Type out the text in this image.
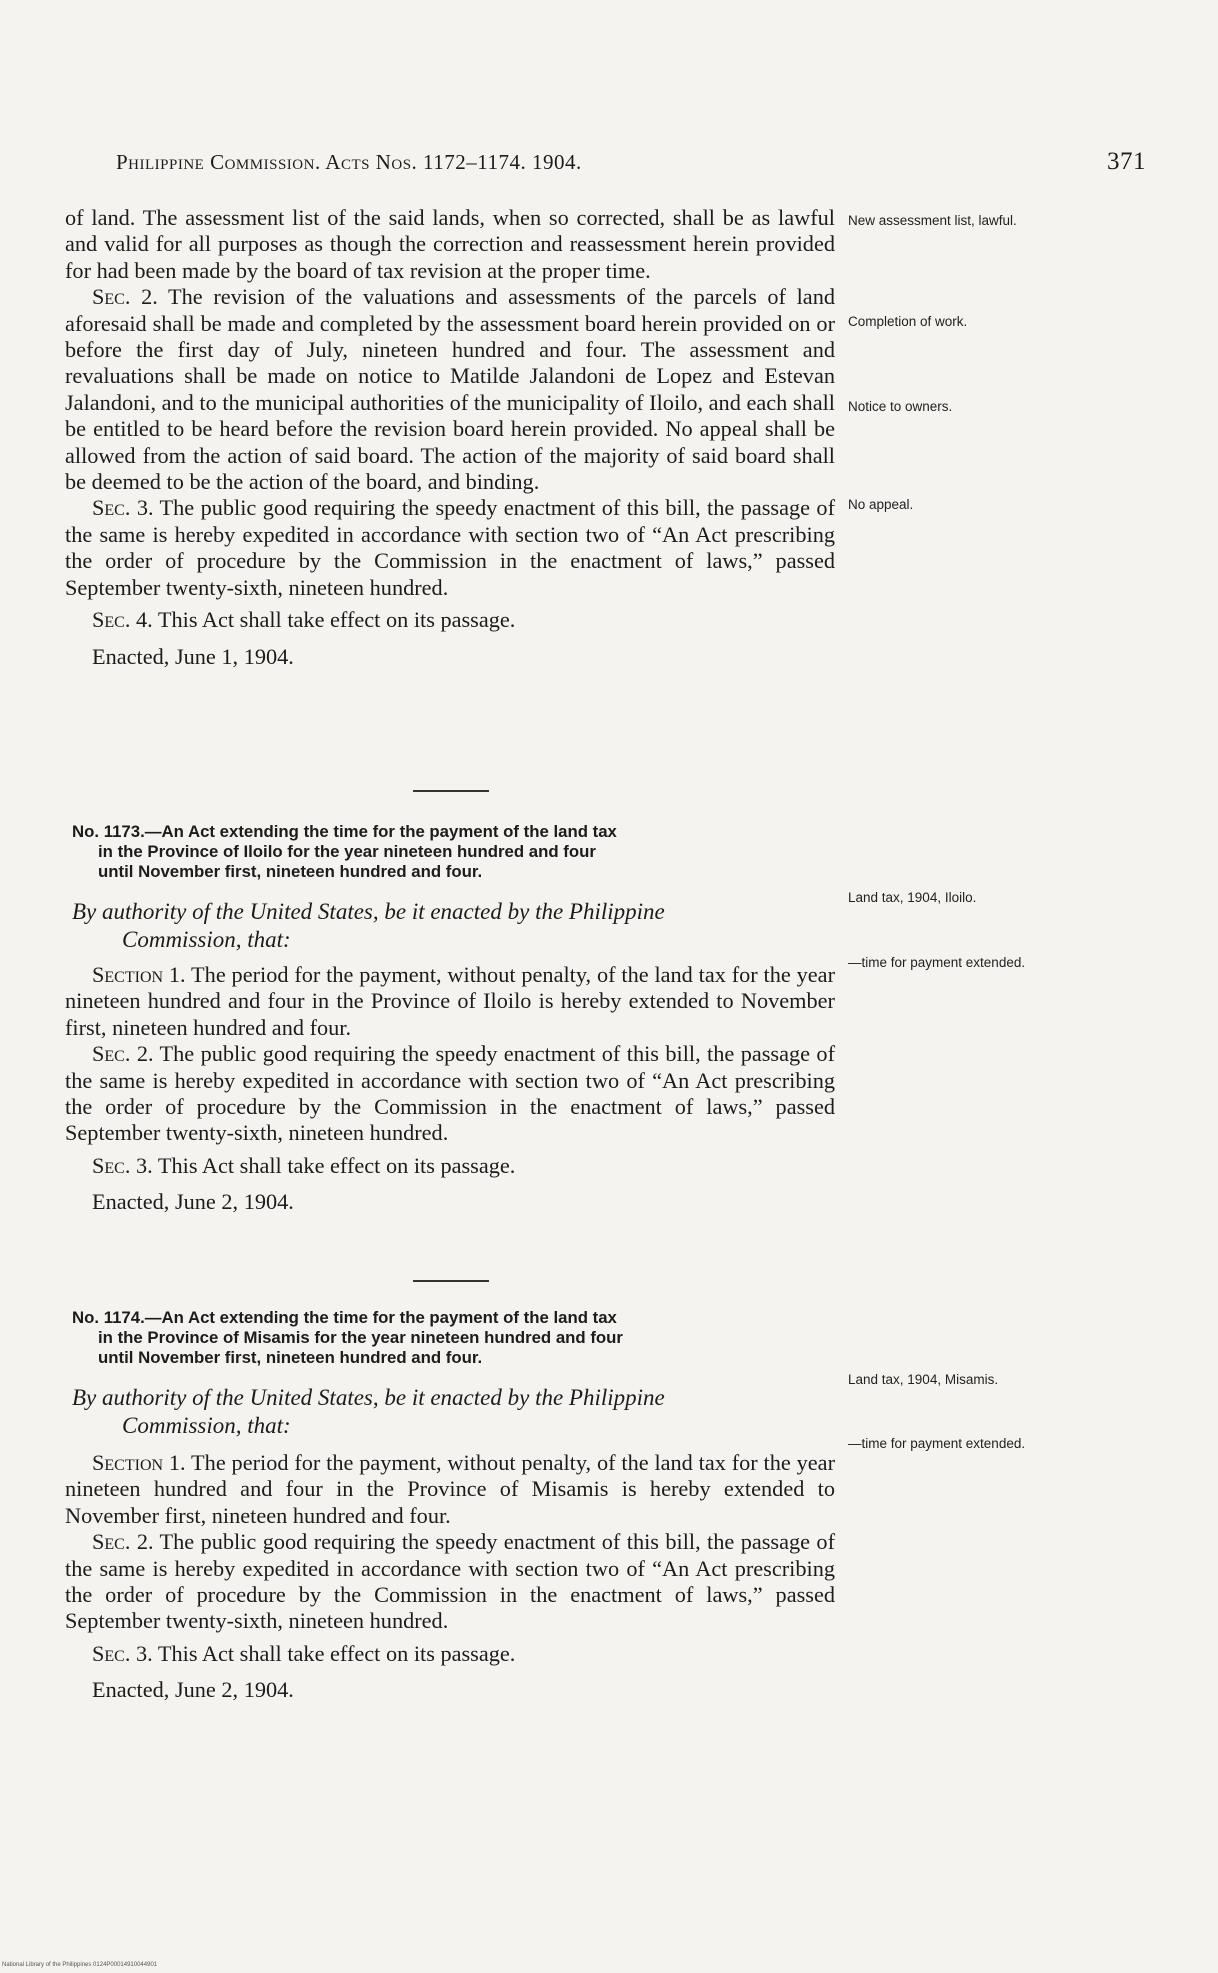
Philippine Commission. Acts Nos. 1172–1174. 1904.	371

of land. The assessment list of the said lands, when so corrected, shall be as lawful and valid for all purposes as though the correction and reassessment herein provided for had been made by the board of tax revision at the proper time.

Sec. 2. The revision of the valuations and assessments of the parcels of land aforesaid shall be made and completed by the assessment board herein provided on or before the first day of July, nineteen hundred and four. The assessment and revaluations shall be made on notice to Matilde Jalandoni de Lopez and Estevan Jalandoni, and to the municipal authorities of the municipality of Iloilo, and each shall be entitled to be heard before the revision board herein provided. No appeal shall be allowed from the action of said board. The action of the majority of said board shall be deemed to be the action of the board, and binding.

Sec. 3. The public good requiring the speedy enactment of this bill, the passage of the same is hereby expedited in accordance with section two of “An Act prescribing the order of procedure by the Commission in the enactment of laws,” passed September twenty-sixth, nineteen hundred.

Sec. 4. This Act shall take effect on its passage.

Enacted, June 1, 1904.

New assessment list, lawful.
Completion of work.
Notice to owners.
No appeal.
No. 1173.—An Act extending the time for the payment of the land tax
in the Province of Iloilo for the year nineteen hundred and four
until November first, nineteen hundred and four.
By authority of the United States, be it enacted by the Philippine
Commission, that:

Section 1. The period for the payment, without penalty, of the land tax for the year nineteen hundred and four in the Province of Iloilo is hereby extended to November first, nineteen hundred and four.

Sec. 2. The public good requiring the speedy enactment of this bill, the passage of the same is hereby expedited in accordance with section two of “An Act prescribing the order of procedure by the Commission in the enactment of laws,” passed September twenty-sixth, nineteen hundred.

Sec. 3. This Act shall take effect on its passage.

Enacted, June 2, 1904.

Land tax, 1904, Iloilo.
—time for payment extended.
No. 1174.—An Act extending the time for the payment of the land tax
in the Province of Misamis for the year nineteen hundred and four
until November first, nineteen hundred and four.
By authority of the United States, be it enacted by the Philippine
Commission, that:

Section 1. The period for the payment, without penalty, of the land tax for the year nineteen hundred and four in the Province of Misamis is hereby extended to November first, nineteen hundred and four.

Sec. 2. The public good requiring the speedy enactment of this bill, the passage of the same is hereby expedited in accordance with section two of “An Act prescribing the order of procedure by the Commission in the enactment of laws,” passed September twenty-sixth, nineteen hundred.

Sec. 3. This Act shall take effect on its passage.

Enacted, June 2, 1904.

Land tax, 1904, Misamis.
—time for payment extended.
National Library of the Philippines 0124P00014910044901
